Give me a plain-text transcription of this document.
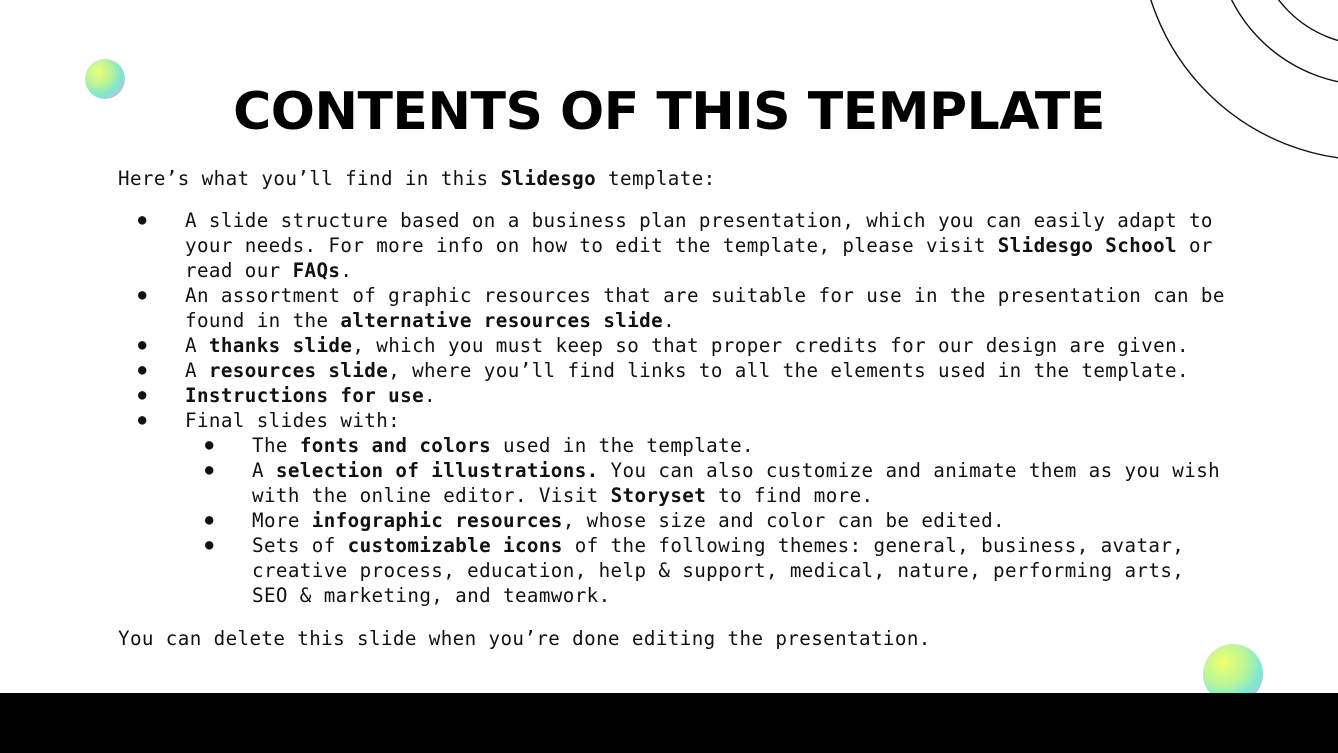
CONTENTS OF THIS TEMPLATE

Here’s what you’ll find in this Slidesgo template:

● A slide structure based on a business plan presentation, which you can easily adapt to your needs. For more info on how to edit the template, please visit Slidesgo School or read our FAQs.
● An assortment of graphic resources that are suitable for use in the presentation can be found in the alternative resources slide.
● A thanks slide, which you must keep so that proper credits for our design are given.
● A resources slide, where you’ll find links to all the elements used in the template.
● Instructions for use.
● Final slides with:
● The fonts and colors used in the template.
● A selection of illustrations. You can also customize and animate them as you wish with the online editor. Visit Storyset to find more.
● More infographic resources, whose size and color can be edited.
● Sets of customizable icons of the following themes: general, business, avatar, creative process, education, help & support, medical, nature, performing arts, SEO & marketing, and teamwork.

You can delete this slide when you’re done editing the presentation.
